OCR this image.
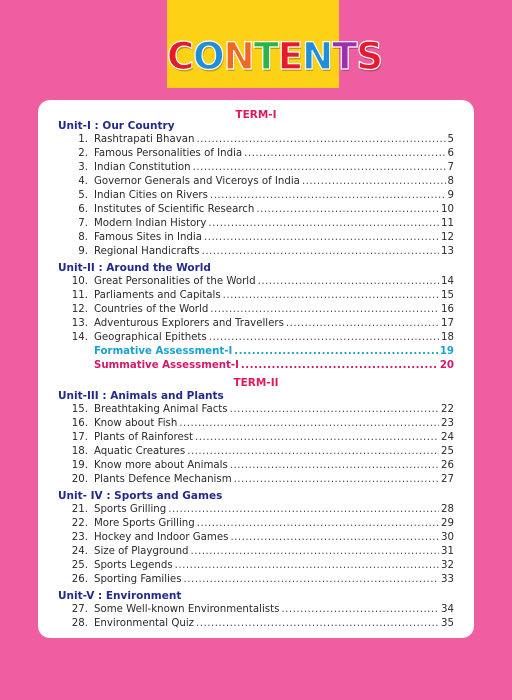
CONTENTS
TERM-I
Unit-I : Our Country
1. Rashtrapati Bhavan .....	5
2. Famous Personalities of India .....	6
3. Indian Constitution .....	7
4. Governor Generals and Viceroys of India .....	8
5. Indian Cities on Rivers .....	9
6. Institutes of Scientific Research .....	10
7. Modern Indian History .....	11
8. Famous Sites in India .....	12
9. Regional Handicrafts .....	13
Unit-II : Around the World
10. Great Personalities of the World .....	14
11. Parliaments and Capitals .....	15
12. Countries of the World .....	16
13. Adventurous Explorers and Travellers .....	17
14. Geographical Epithets .....	18
Formative Assessment-I .....	19
Summative Assessment-I .....	20
TERM-II
Unit-III : Animals and Plants
15. Breathtaking Animal Facts .....	22
16. Know about Fish .....	23
17. Plants of Rainforest .....	24
18. Aquatic Creatures .....	25
19. Know more about Animals .....	26
20. Plants Defence Mechanism .....	27
Unit- IV : Sports and Games
21. Sports Grilling .....	28
22. More Sports Grilling .....	29
23. Hockey and Indoor Games .....	30
24. Size of Playground .....	31
25. Sports Legends .....	32
26. Sporting Families .....	33
Unit-V : Environment
27. Some Well-known Environmentalists .....	34
28. Environmental Quiz .....	35
